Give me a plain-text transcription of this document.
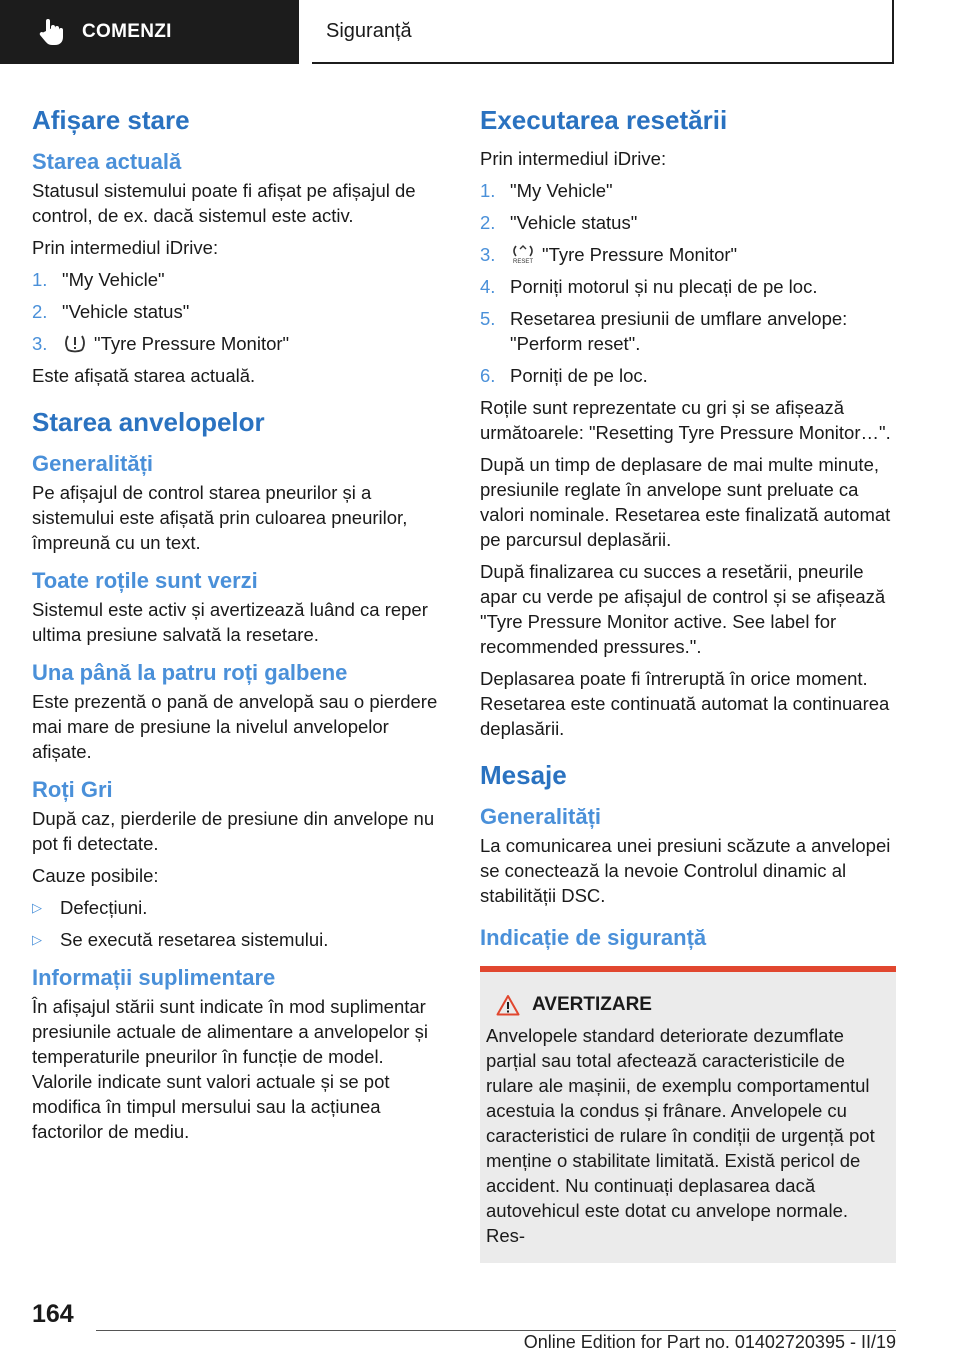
COMENZI	Siguranță
Afișare stare
Starea actuală

Statusul sistemului poate fi afișat pe afișajul de control, de ex. dacă sistemul este activ.

Prin intermediul iDrive:

1. "My Vehicle"
2. "Vehicle status"
3.	"Tyre Pressure Monitor"

Este afișată starea actuală.

Starea anvelopelor
Generalități

Pe afișajul de control starea pneurilor și a sistemului este afișată prin culoarea pneurilor, împreună cu un text.

Toate roțile sunt verzi

Sistemul este activ și avertizează luând ca reper ultima presiune salvată la resetare.

Una până la patru roți galbene

Este prezentă o pană de anvelopă sau o pierdere mai mare de presiune la nivelul anvelopelor afișate.

Roți Gri

După caz, pierderile de presiune din anvelope nu pot fi detectate.

Cauze posibile:

▷ Defecțiuni.
▷ Se execută resetarea sistemului.
Informații suplimentare

În afișajul stării sunt indicate în mod suplimentar presiunile actuale de alimentare a anvelopelor și temperaturile pneurilor în funcție de model. Valorile indicate sunt valori actuale și se pot modifica în timpul mersului sau la acțiunea factorilor de mediu.

Executarea resetării

Prin intermediul iDrive:

1. "My Vehicle"
2. "Vehicle status"
3.	RESET "Tyre Pressure Monitor"
4. Porniți motorul și nu plecați de pe loc.
5. Resetarea presiunii de umflare anvelope: "Perform reset".
6. Porniți de pe loc.

Roțile sunt reprezentate cu gri și se afișează următoarele: "Resetting Tyre Pressure Monitor…".

După un timp de deplasare de mai multe minute, presiunile reglate în anvelope sunt preluate ca valori nominale. Resetarea este finalizată automat pe parcursul deplasării.

După finalizarea cu succes a resetării, pneurile apar cu verde pe afișajul de control și se afișează "Tyre Pressure Monitor active. See label for recommended pressures.".

Deplasarea poate fi întreruptă în orice moment. Resetarea este continuată automat la continuarea deplasării.

Mesaje
Generalități

La comunicarea unei presiuni scăzute a anvelopei se conectează la nevoie Controlul dinamic al stabilității DSC.

Indicație de siguranță
AVERTIZARE

Anvelopele standard deteriorate dezumflate parțial sau total afectează caracteristicile de rulare ale mașinii, de exemplu comportamentul acestuia la condus și frânare. Anvelopele cu caracteristici de rulare în condiții de urgență pot menține o stabilitate limitată. Există pericol de accident. Nu continuați deplasarea dacă autovehicul este dotat cu anvelope normale. Res-

164
Online Edition for Part no. 01402720395 - II/19
